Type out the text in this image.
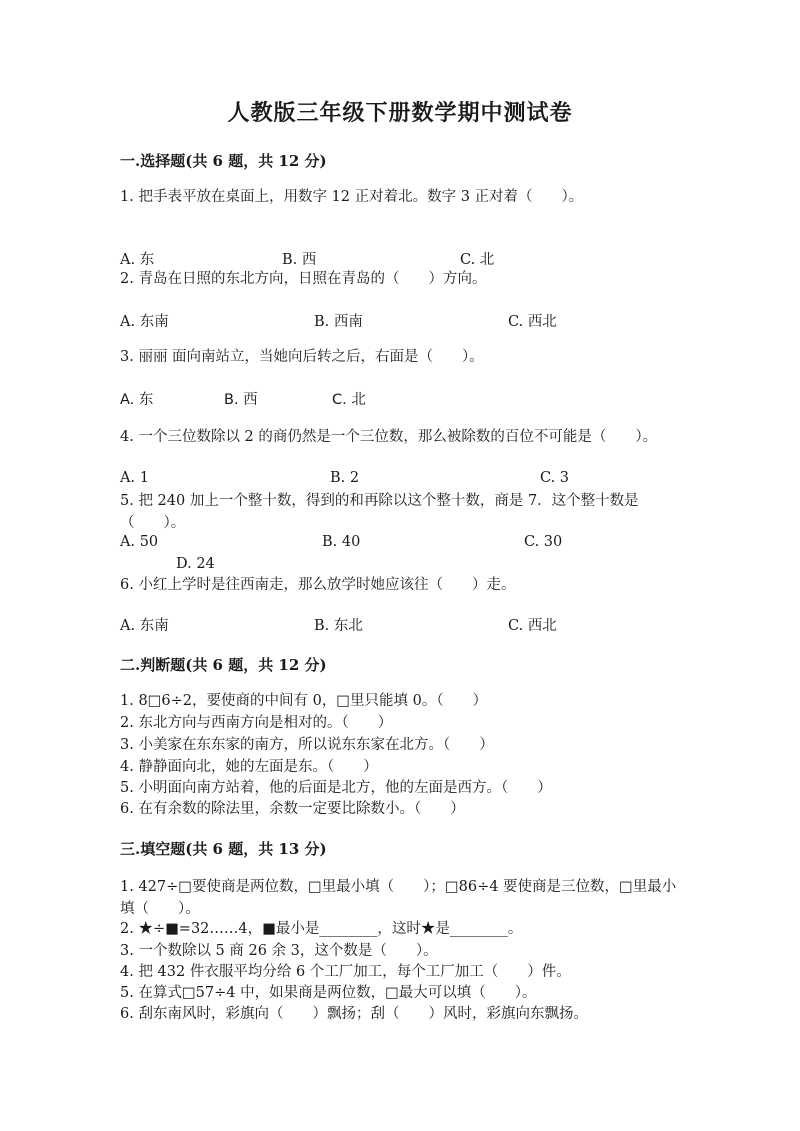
人教版三年级下册数学期中测试卷
一.选择题(共 6 题，共 12 分)
1. 把手表平放在桌面上，用数字 12 正对着北。数字 3 正对着（　　）。
A. 东	B. 西	C. 北
2. 青岛在日照的东北方向，日照在青岛的（　　）方向。
A. 东南	B. 西南	C. 西北
3. 丽丽 面向南站立，当她向后转之后，右面是（　　）。
A. 东	B. 西	C. 北
4. 一个三位数除以 2 的商仍然是一个三位数，那么被除数的百位不可能是（　　）。
A. 1	B. 2	C. 3
5. 把 240 加上一个整十数，得到的和再除以这个整十数，商是 7．这个整十数是（　　）。
A. 50	B. 40	C. 30
D. 24
6. 小红上学时是往西南走，那么放学时她应该往（　　）走。
A. 东南	B. 东北	C. 西北
二.判断题(共 6 题，共 12 分)
1. 8□6÷2，要使商的中间有 0，□里只能填 0。（　　）
2. 东北方向与西南方向是相对的。（　　）
3. 小美家在东东家的南方，所以说东东家在北方。（　　）
4. 静静面向北，她的左面是东。（　　）
5. 小明面向南方站着，他的后面是北方，他的左面是西方。（　　）
6. 在有余数的除法里，余数一定要比除数小。（　　）
三.填空题(共 6 题，共 13 分)
1. 427÷□要使商是两位数，□里最小填（　　）；□86÷4 要使商是三位数，□里最小填（　　）。
2. ★÷■=32……4，■最小是________，这时★是________。
3. 一个数除以 5 商 26 余 3，这个数是（　　）。
4. 把 432 件衣服平均分给 6 个工厂加工，每个工厂加工（　　）件。
5. 在算式□57÷4 中，如果商是两位数，□最大可以填（　　）。
6. 刮东南风时，彩旗向（　　）飘扬；刮（　　）风时，彩旗向东飘扬。
